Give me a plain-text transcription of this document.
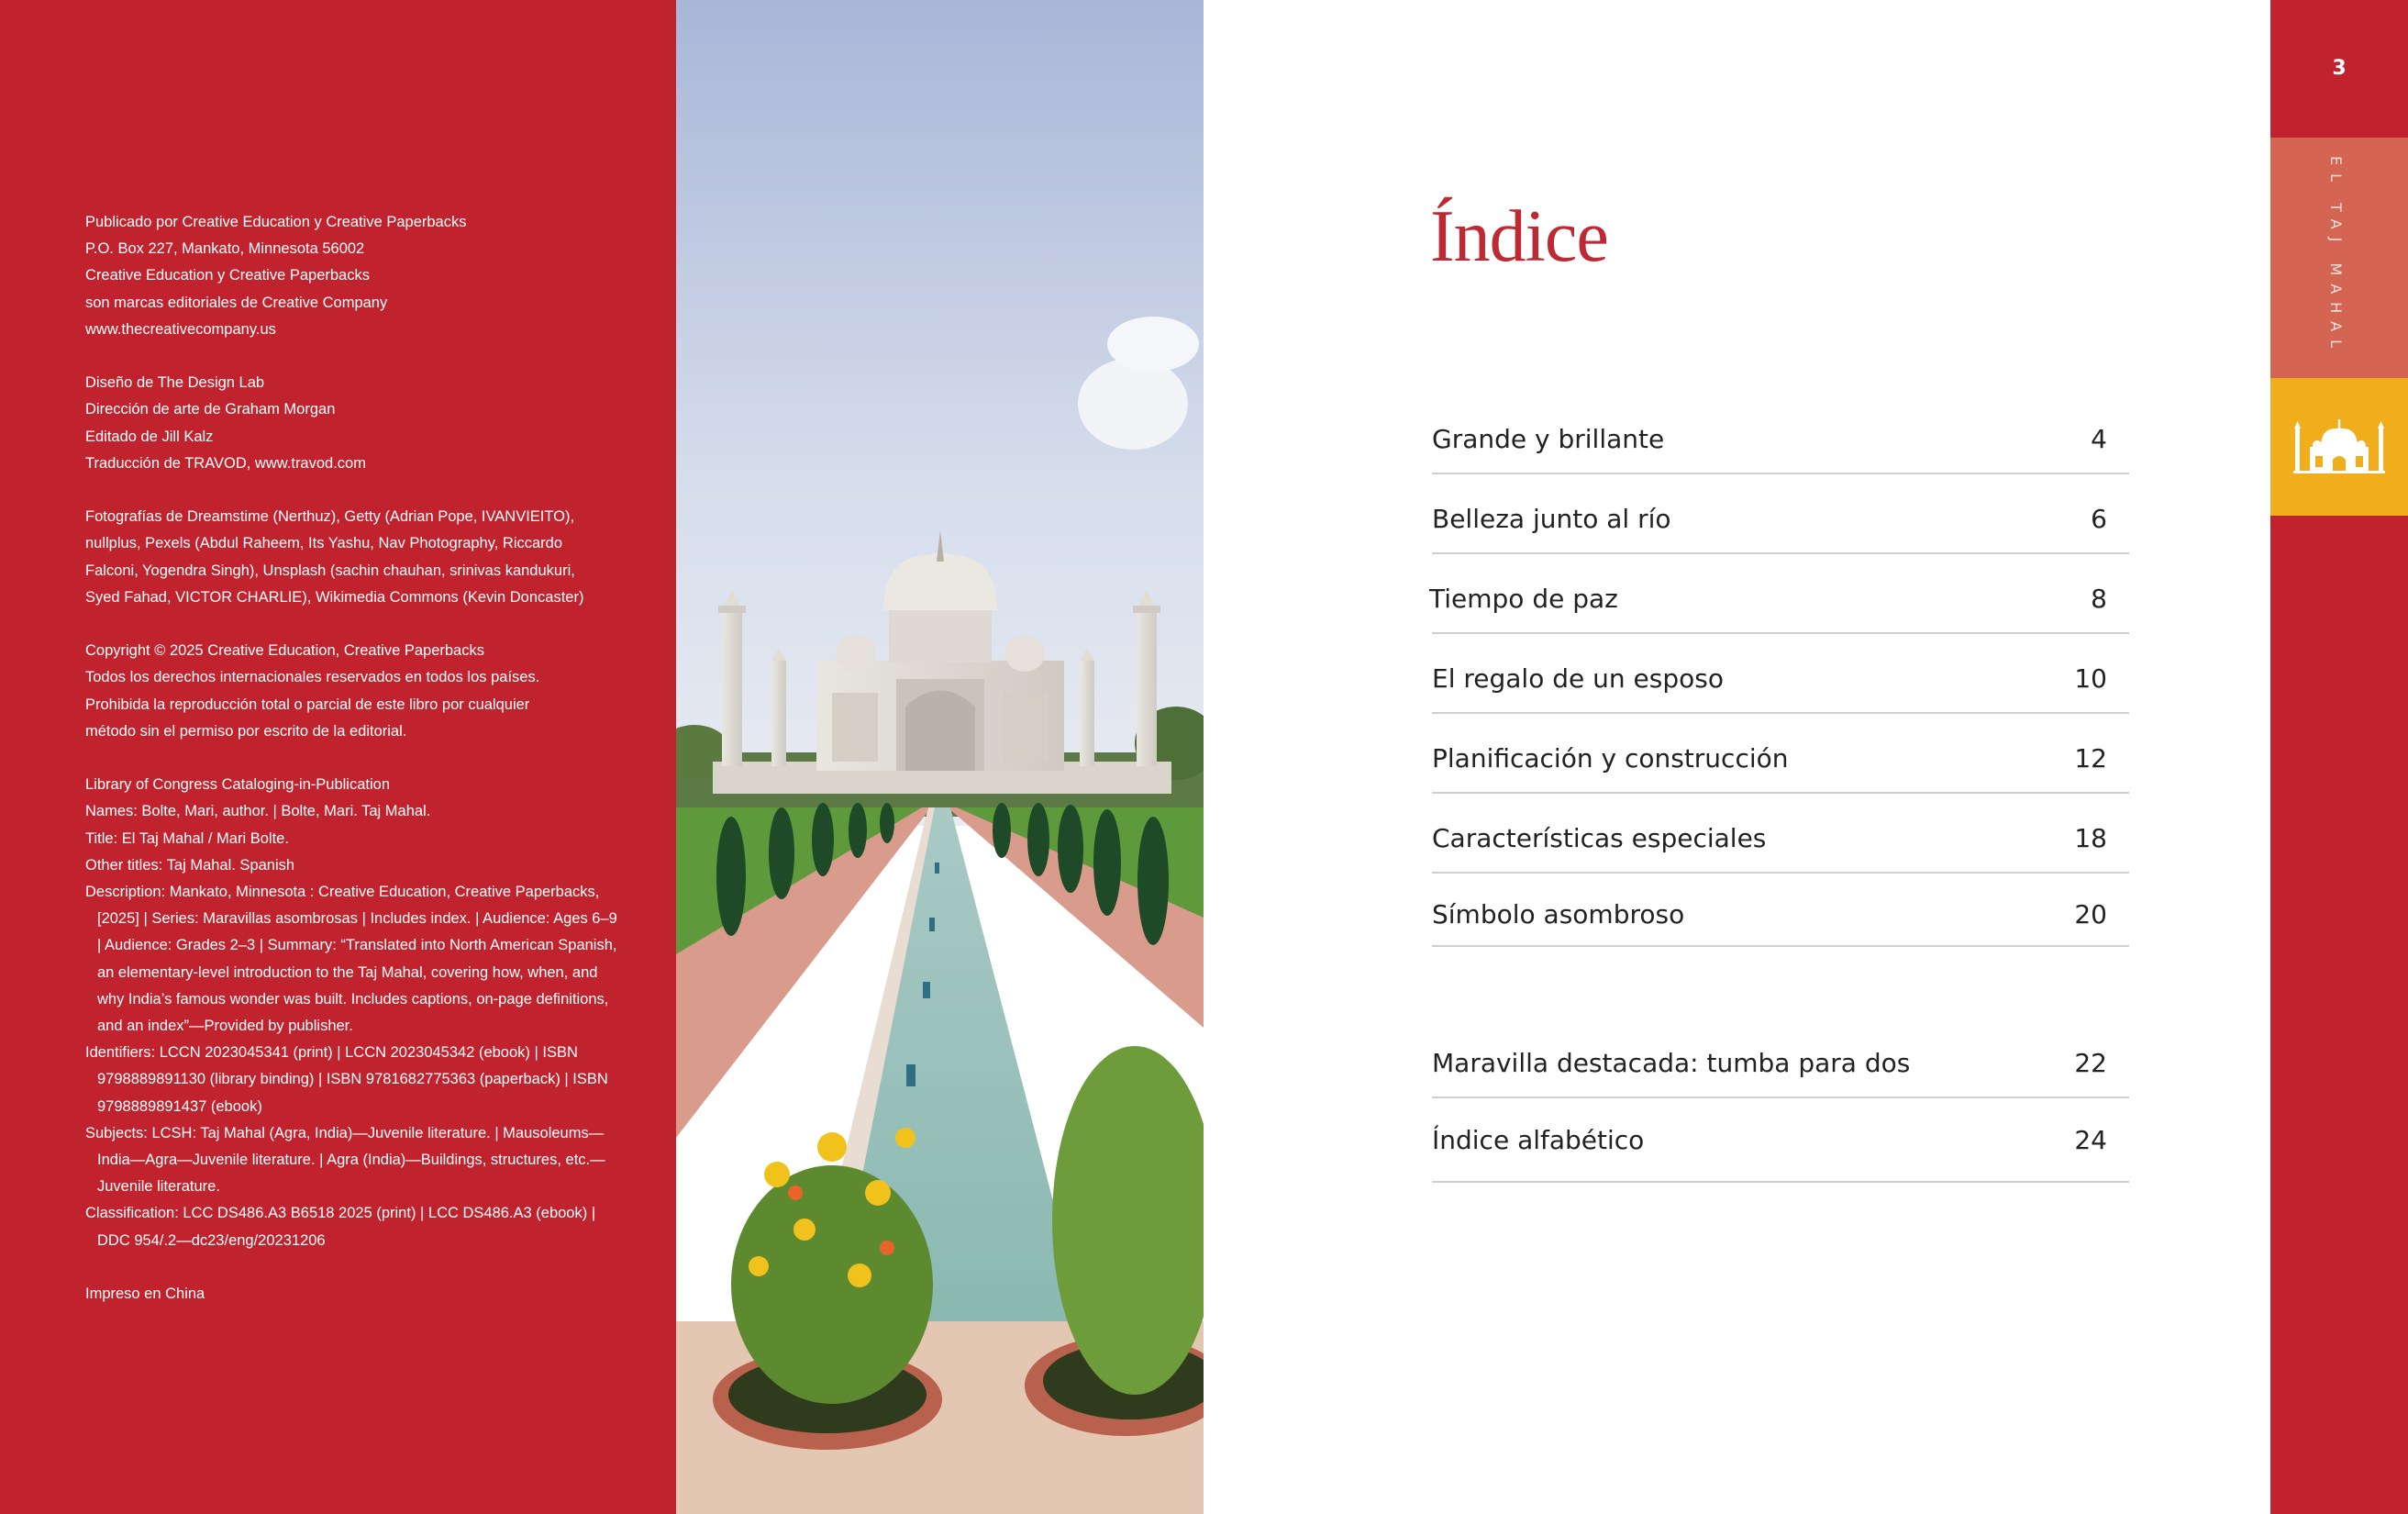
Publicado por Creative Education y Creative Paperbacks
P.O. Box 227, Mankato, Minnesota 56002
Creative Education y Creative Paperbacks
son marcas editoriales de Creative Company
www.thecreativecompany.us
Diseño de The Design Lab
Dirección de arte de Graham Morgan
Editado de Jill Kalz
Traducción de TRAVOD, www.travod.com
Fotografías de Dreamstime (Nerthuz), Getty (Adrian Pope, IVANVIEITO),
nullplus, Pexels (Abdul Raheem, Its Yashu, Nav Photography, Riccardo
Falconi, Yogendra Singh), Unsplash (sachin chauhan, srinivas kandukuri,
Syed Fahad, VICTOR CHARLIE), Wikimedia Commons (Kevin Doncaster)
Copyright © 2025 Creative Education, Creative Paperbacks
Todos los derechos internacionales reservados en todos los países.
Prohibida la reproducción total o parcial de este libro por cualquier
método sin el permiso por escrito de la editorial.
Library of Congress Cataloging-in-Publication
Names: Bolte, Mari, author. | Bolte, Mari. Taj Mahal.
Title: El Taj Mahal / Mari Bolte.
Other titles: Taj Mahal. Spanish
Description: Mankato, Minnesota : Creative Education, Creative Paperbacks, [2025] | Series: Maravillas asombrosas | Includes index. | Audience: Ages 6–9 | Audience: Grades 2–3 | Summary: “Translated into North American Spanish, an elementary-level introduction to the Taj Mahal, covering how, when, and why India’s famous wonder was built. Includes captions, on-page definitions, and an index”—Provided by publisher.
Identifiers: LCCN 2023045341 (print) | LCCN 2023045342 (ebook) | ISBN 9798889891130 (library binding) | ISBN 9781682775363 (paperback) | ISBN 9798889891437 (ebook)
Subjects: LCSH: Taj Mahal (Agra, India)—Juvenile literature. | Mausoleums—India—Agra—Juvenile literature. | Agra (India)—Buildings, structures, etc.—Juvenile literature.
Classification: LCC DS486.A3 B6518 2025 (print) | LCC DS486.A3 (ebook) | DDC 954/.2—dc23/eng/20231206
Impreso en China
Índice
Grande y brillante	4
Belleza junto al río	6
Tiempo de paz	8
El regalo de un esposo	10
Planificación y construcción	12
Características especiales	18
Símbolo asombroso	20
Maravilla destacada: tumba para dos	22
Índice alfabético	24
3
EL TAJ MAHAL
